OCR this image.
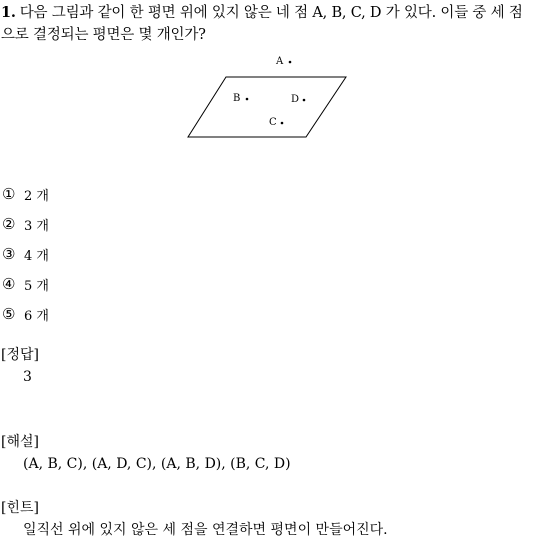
1. 다음 그림과 같이 한 평면 위에 있지 않은 네 점 A, B, C, D 가 있다. 이들 중 세 점으로 결정되는 평면은 몇 개인가?
A
B	D
C
① 2 개
② 3 개
③ 4 개
④ 5 개
⑤ 6 개
[정답]
3
[해설]
(A, B, C), (A, D, C), (A, B, D), (B, C, D)
[힌트]
일직선 위에 있지 않은 세 점을 연결하면 평면이 만들어진다.
